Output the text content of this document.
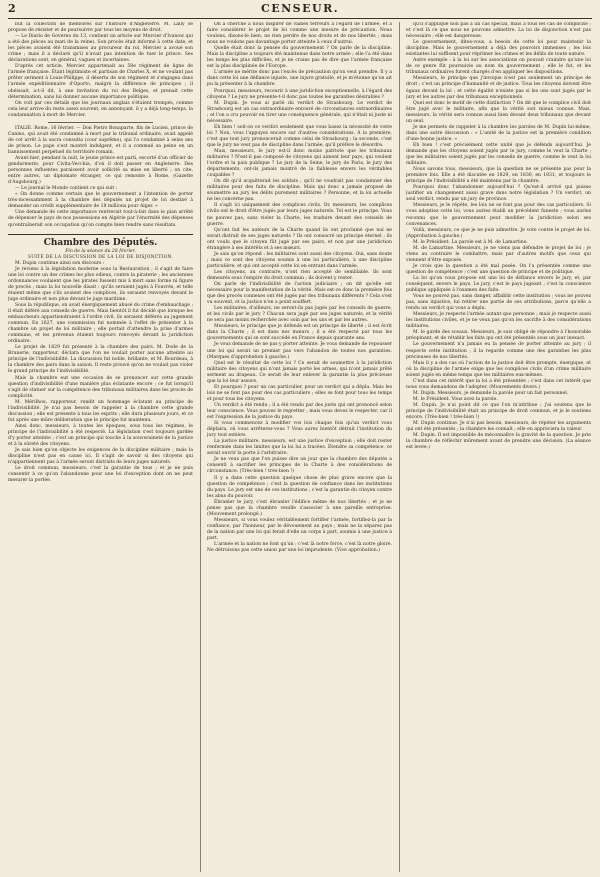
2	CENSEUR.

but la collection de mémoires sur l'histoire d'Angleterre. M. Lally se propose de résister et de poursuivre par tous les moyens de droit.

— Le Diario de Governo du 13, contient un article sur Mercier d'Ivanow qui a été des pièces au mari de la reine). Son procès était informé à cette date, et les pièces avaient été transmises au procureur du roi. Mercier a avoué son crime ; mais il a déclaré qu'il n'avait pas intention de tuer le prince. Ses déclarations sont, en général, vagues et incertaines.

D'après cet article, Mercier appartenait au 58e régiment de ligne de l'armée française. Étant légitimiste et partisan de Charles X, et ne voulant pas prêter serment à Louis-Philippe, il déserta de son régiment et s'engagea dans l'armée expéditionnaire d'Oporto, malgré la différence de principes ; il obéissait, a-t-il dit, à une invitation du roi des Belges, et prenait cette détermination, sans lui donner aucune importance politique.

On voit par ces détails que les journaux anglais s'étaient trompés, comme cela leur arrive du reste assez souvent, en annonçant, il y a déjà long-temps, la condamnation à mort de Mercier.

ITALIE. Rome, 16 février. — Don Pietro Bonaparte, fils de Lucien, prince de Canino, qui avait été condamné à mort par le tribunal ordinaire, avait appelé de cet arrêt à la sacra consulta (cour suprême), qui l'a condamné à seize ans de prison. Le pape s'est montré indulgent, et il a commué sa peine en un bannissement perpétuel du territoire romain.

Avant-hier, pendant la nuit, le jeune prince est parti, escorté d'un officier de gendarmerie, pour Civita-Vecchia, d'où il doit passer en Angleterre. Des personnes influentes paraissent avoir sollicité sa mise en liberté ; on cite, entre autres, un diplomate étranger, ce qui remonte à Rome. (Gazette d'Augsbourg.)

— Le journal le Monde contient ce qui suit :

« On donne comme certain que le gouvernement a l'intention de porter très-incessamment à la chambre des députés un projet de loi destiné à demander un crédit supplémentaire de 18 millions pour Alger. »

Une demande de cette importance rentrerait tout-à-fait dans le plan arrêté de dépenser le pays de nos possessions en Algérie par l'énormité des dépenses qu'entraînerait son occupation qu'on compte bien rendre sans résultats.

Chambre des Députés.

Fin de la séance du 28 février.

SUITE DE LA DISCUSSION DE LA LOI DE DISJONCTION.

M. Dupin continue ainsi son discours :

Je reviens à la législation moderne sous la Restauration ; il s'agit de faire une loi contre un des crimes les plus odieux, contre la piraterie ; les anciennes ordonnances voulaient que les pirates fussent mis à mort sans forme ni figure de procès ; mais la loi nouvelle disait : qu'ils seraient jugés à Fouvrés, et telle étaient même que s'ils avaient des complices, ils seraient renvoyés devant le juge ordinaire et non plus devant le juge maritime.

Sous la république, on avait énergiquement abusé du crime d'embauchage ; il était déféré aux conseils de guerre. Mais bientôt il fut décidé que lorsque les embaucheurs appartiendraient à l'ordre civil, ils seraient déférés au jugement commun. En 1827, une commission fut nommée à l'effet de présenter à la chambre un projet de loi militaire ; elle portait d'attendre la prise d'armes commune, et les prévenus étaient toujours renvoyés devant la juridiction ordinaire.

Le projet de 1829 fut présenté à la chambre des pairs. M. Dode de la Brunerie, rapporteur, déclara que l'on ne voulait porter aucune atteinte au principe de l'indivisibilité. La discussion fut noble, brillante, et M. Bourdeau, à la chambre des pairs dans la saison. Il reste prouvé qu'on ne voulait pas violer le grand principe de l'indivisibilité.

Mais la chambre eut une occasion de se prononcer sur cette grande question d'indivisibilité d'une manière plus éclatante encore ; ce fut lorsqu'il s'agit de statuer sur la compétence des tribunaux militaires dans les procès de complicité.

M. Mérilhou, rapporteur, rendit un hommage éclatant au principe de l'indivisibilité. Je n'ai pas besoin de rappeler à la chambre cette grande discussion ; elle est présente à tous les esprits ; elle dura plusieurs jours, et ce fut après une mûre délibération que le principe fut maintenu.

Ainsi donc, messieurs, à toutes les époques, sous tous les régimes, le principe de l'indivisibilité a été respecté. La législation s'est toujours gardée d'y porter atteinte ; c'est un principe qui touche à la souveraineté de la justice et à la sûreté des citoyens.

Je sais bien qu'on objecte les exigences de la discipline militaire ; mais la discipline n'est pas en cause ici. Il s'agit de savoir si des citoyens qui n'appartiennent pas à l'armée seront distraits de leurs juges naturels.

Le droit commun, messieurs, c'est la garantie de tous ; et je ne puis consentir à ce qu'on l'abandonne pour une loi d'exception dont on ne peut mesurer la portée.

On a cherché à nous inspirer de vaines terreurs à l'égard de l'armée, et à faire considérer le projet de loi comme une mesure de précaution. Nous voulons, disons-le bien, ne rien perdre de nos droits et de nos libertés ; mais nous ne voulons pas davantage porter atteinte à ceux d'autrui.

Quelle était donc la pensée du gouvernement ? On parle de la discipline. Mais la discipline a toujours été maintenue dans notre armée ; elle l'a été dans les temps les plus difficiles, et je ne crains pas de dire que l'armée française est la plus disciplinée de l'Europe.

L'armée ne mérite donc pas l'excès de précaution qu'on veut prendre. Il y a dans cette loi une défiance injuste, une injure gratuite, et je m'étonne qu'on ait pu la présenter à la chambre.

Pourquoi, messieurs, recourir à une juridiction exceptionnelle, à l'égard des citoyens ? Le jury ne présente-t-il donc pas toutes les garanties désirables ?

M. Dupin. Je vous ai parlé du verdict de Strasbourg. Le verdict de Strasbourg est un cas extraordinaire entouré de circonstances extraordinaires ; et l'on a cru pouvoir en tirer une conséquence générale, qui n'était ni juste ni nécessaire.

Eh bien ! soit-on ce verdict seulement que vous basez la nécessité de votre loi ? Non, vous l'appuyez encore sur d'autres considérations. À la première, c'est que tout jury prononcerait comme celui de Strasbourg ; la seconde, c'est que le jury ne veut pas de discipline dans l'armée, qu'il préfère le désordre.

Mais, messieurs, le jury est-il donc moins patriote que les tribunaux militaires ? N'est-il pas composé de citoyens qui aiment leur pays, qui veulent l'ordre et la paix publique ? Le jury de la Seine, le jury de Paris, le jury des départements, ont-ils jamais montré de la faiblesse envers les véritables coupables ?

On dit qu'il acquitterait les soldats ; qu'il ne voudrait pas condamner des militaires pour des faits de discipline. Mais qui donc a jamais proposé de soumettre au jury les délits purement militaires ? Personne, et la loi actuelle ne les concerne pas.

Il s'agit ici uniquement des complices civils. Or, messieurs, les complices civils ont le droit d'être jugés par leurs juges naturels. Tel est le principe. Vous ne pouvez pas, sans violer la Charte, les traduire devant des conseils de guerre.

Qu'ont fait les auteurs de la Charte quand ils ont proclamé que nul ne serait distrait de ses juges naturels ? Ils ont consacré un principe éternel ; ils ont voulu que le citoyen fût jugé par ses pairs, et non par une juridiction étrangère à ses intérêts et à ses mœurs.

Je sais qu'on répond : les militaires sont aussi des citoyens. Oui, sans doute ; mais ce sont des citoyens soumis à une loi particulière, à une discipline particulière, et qui ont accepté cette loi en entrant dans l'armée.

Les citoyens, au contraire, n'ont rien accepté de semblable. Ils sont demeurés sous l'empire du droit commun ; ils doivent y rester.

On parle de l'indivisibilité de l'action judiciaire ; on dit qu'elle est nécessaire pour la manifestation de la vérité. Mais est-ce donc la première fois que des procès connexes ont été jugés par des tribunaux différents ? Cela s'est vu souvent, et la justice n'en a point souffert.

Les militaires, d'ailleurs, ne seront-ils pas jugés par les conseils de guerre, et les civils par le jury ? Chacun sera jugé par ses juges naturels, et la vérité ne sera pas moins recherchée avec soin par les uns et par les autres.

Messieurs, le principe que je défends est un principe de liberté ; il est écrit dans la Charte ; il est dans nos mœurs ; il a été respecté par tous les gouvernements qui se sont succédé en France depuis quarante ans.

Je vous demande de ne pas y porter atteinte. Je vous demande de repousser une loi qui serait un premier pas vers l'abandon de toutes nos garanties. (Marques d'approbation à gauche.)

Quel est le résultat de cette loi ? Ce serait de soumettre à la juridiction militaire des citoyens qui n'ont jamais porté les armes, qui n'ont jamais prêté serment au drapeau. Ce serait de leur enlever la garantie la plus précieuse que la loi leur assure.

Et pourquoi ? pour un cas particulier, pour un verdict qui a déplu. Mais les lois ne se font pas pour des cas particuliers ; elles se font pour tous les temps et pour tous les citoyens.

Un verdict a été rendu ; il a été rendu par des jurés qui ont prononcé selon leur conscience. Vous pouvez le regretter ; mais vous devez le respecter, car il est l'expression de la justice du pays.

Si vous commencez à modifier vos lois chaque fois qu'un verdict vous déplaira, où vous arrêterez-vous ? Vous aurez bientôt détruit l'institution du jury tout entière.

La justice militaire, messieurs, est une justice d'exception ; elle doit rester renfermée dans les limites que la loi lui a tracées. Étendre sa compétence, ce serait ouvrir la porte à l'arbitraire.

Je ne veux pas que l'on puisse dire un jour que la chambre des députés a consenti à sacrifier les principes de la Charte à des considérations de circonstance. (Très-bien ! très-bien !)

Il y a dans cette question quelque chose de plus grave encore que la question de compétence ; c'est la question de confiance dans les institutions du pays. Le jury est une de ces institutions ; c'est la garantie du citoyen contre les abus du pouvoir.

Ébranler le jury, c'est ébranler l'édifice même de nos libertés ; et je ne pense pas que la chambre veuille s'associer à une pareille entreprise. (Mouvement prolongé.)

Messieurs, si vous voulez véritablement fortifier l'armée, fortifiez-la par la confiance, par l'honneur, par le dévouement au pays ; mais ne la séparez pas de la nation par une loi qui ferait d'elle un corps à part, soumis à une justice à part.

L'armée et la nation ne font qu'un ; c'est là notre force, c'est là notre gloire. Ne détruisons pas cette union par une loi imprudente. (Vive approbation.)

qu'il s'applique non pas à un cas spécial, mais à tous les cas de complicité ; et c'est là ce que nous ne pouvons admettre. La loi de disjonction n'est pas nécessaire ; elle est dangereuse.

Le gouvernement, dites-vous, a besoin de cette loi pour maintenir la discipline. Mais le gouvernement a déjà des pouvoirs immenses ; les lois existantes lui suffisent pour réprimer les crimes et les délits de toute nature.

Autre exemple : à la loi sur les associations on pouvait craindre qu'une loi de ce genre fût poursuivie au nom du gouvernement ; elle le fut, et les tribunaux ordinaires furent chargés d'en appliquer les dispositions.

Messieurs, le principe que j'invoque n'est pas seulement un principe de droit ; c'est un principe d'humanité et de justice. Tous les citoyens doivent être égaux devant la loi ; et cette égalité n'existe pas si les uns sont jugés par le jury et les autres par des tribunaux exceptionnels.

Quel est donc le motif de cette distinction ? On dit que le complice civil doit être jugé avec le militaire, afin que la vérité soit mieux connue. Mais, messieurs, la vérité sera connue aussi bien devant deux tribunaux que devant un seul.

Je me permets de rappeler à la chambre les paroles de M. Dupin lui-même, dans une autre discussion : « L'unité de la justice est la première condition d'une bonne justice. »

Eh bien ! c'est précisément cette unité que je défends aujourd'hui. Je demande que les citoyens soient jugés par le jury, comme le veut la Charte ; que les militaires soient jugés par les conseils de guerre, comme le veut la loi militaire.

Nous savons tous, messieurs, que la question ne se présente pas pour la première fois. Elle a été discutée en 1829, en 1830, en 1831, et toujours le principe de l'indivisibilité a été maintenu par la chambre.

Pourquoi donc l'abandonner aujourd'hui ? Qu'est-il arrivé qui puisse justifier un changement aussi grave dans notre législation ? Un verdict, un seul verdict, rendu par un jury de province.

Messieurs, je le répète, les lois ne se font pas pour des cas particuliers. Si vous adoptiez cette loi, vous auriez établi un précédent funeste ; vous auriez reconnu que le gouvernement peut modifier la juridiction selon ses convenances.

Voilà, messieurs, ce que je ne puis admettre. Je vote contre le projet de loi. (Approbation à gauche.)

M. le Président. La parole est à M. de Lamartine.

M. de Lamartine. Messieurs, je ne viens pas défendre le projet de loi ; je viens au contraire le combattre, mais par d'autres motifs que ceux qui viennent d'être exposés.

Je crois que la question a été mal posée. On l'a présentée comme une question de compétence ; c'est une question de principe et de politique.

La loi qu'on vous propose est une loi de défiance envers le jury, et, par conséquent, envers le pays. Le jury, c'est le pays jugeant ; c'est la conscience publique appliquée à l'examen des faits.

Vous ne pouvez pas, sans danger, affaiblir cette institution ; vous ne pouvez pas, sans injustice, lui retirer une partie de ses attributions, parce qu'elle a rendu un verdict qui vous a déplu.

Messieurs, je respecte l'armée autant que personne ; mais je respecte aussi les institutions civiles, et je ne veux pas qu'on les sacrifie à des considérations militaires.

M. le garde des sceaux. Messieurs, je suis obligé de répondre à l'honorable préopinant, et de rétablir les faits qui ont été présentés sous un jour inexact.

Le gouvernement n'a jamais eu la pensée de porter atteinte au jury ; il respecte cette institution ; il la regarde comme une des garanties les plus précieuses de nos libertés.

Mais il y a des cas où l'action de la justice doit être prompte, énergique, et où la discipline de l'armée exige que les complices civils d'un crime militaire soient jugés en même temps que les militaires eux-mêmes.

C'est dans cet intérêt que la loi a été présentée ; c'est dans cet intérêt que nous vous demandons de l'adopter. (Mouvements divers.)

M. Dupin. Messieurs, je demande la parole pour un fait personnel.

M. le Président. Vous avez la parole.

M. Dupin. Je n'ai point dit ce que l'on m'attribue ; j'ai soutenu que le principe de l'indivisibilité était un principe de droit commun, et je le soutiens encore. (Très-bien ! très-bien !)

M. Dupin continue. Je n'ai pas besoin, messieurs, de répéter les arguments qui ont été présentés ; la chambre les connaît ; elle en appréciera la valeur.

M. Dupin. Il est impossible de méconnaître la gravité de la question. Je prie la chambre de réfléchir mûrement avant de prendre une décision. (La séance est levée.)
